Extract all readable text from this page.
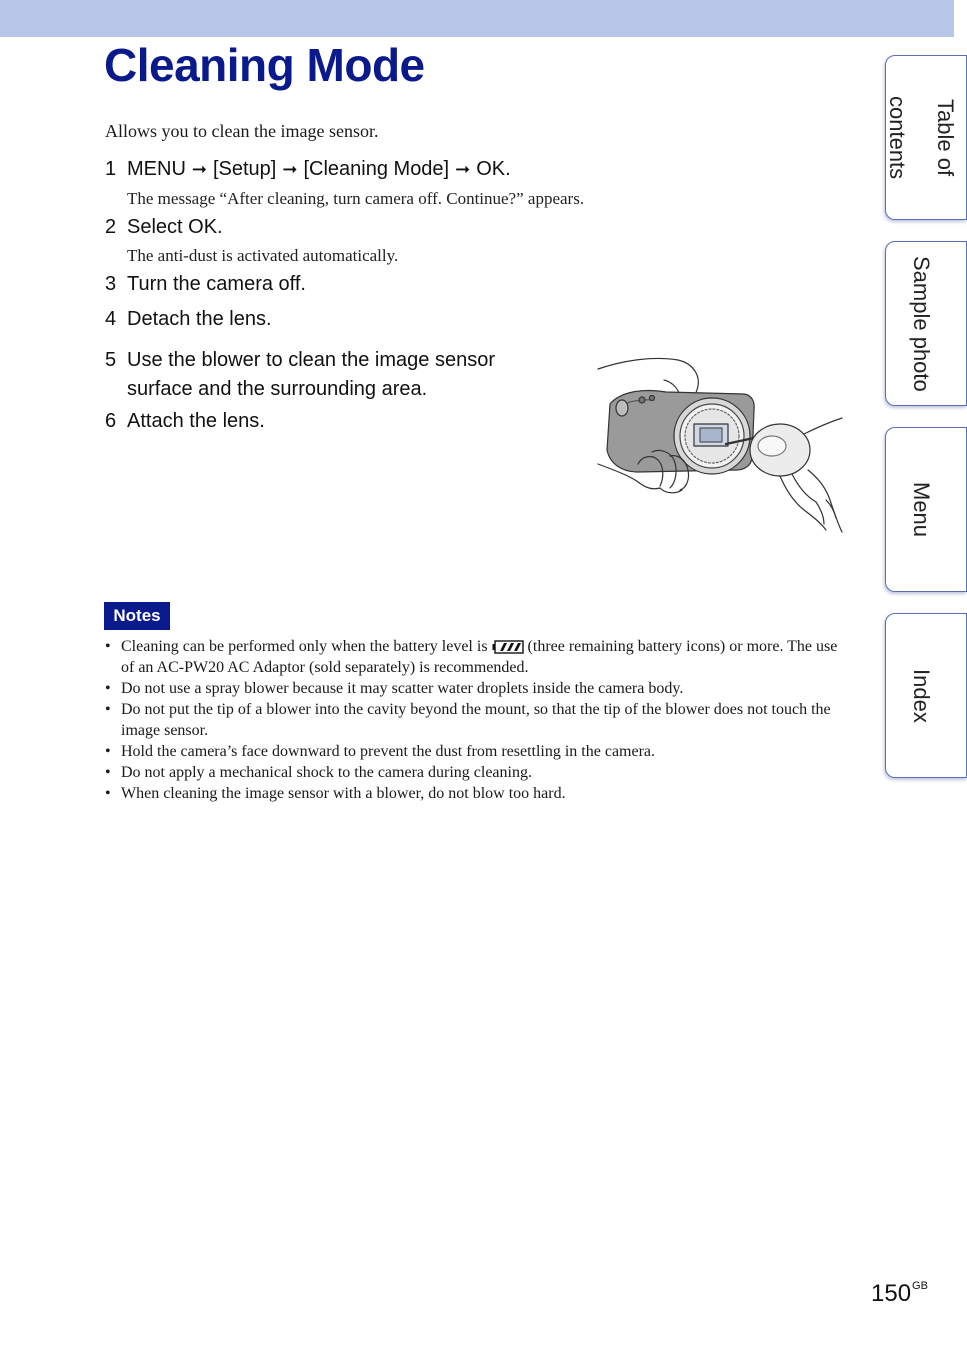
Cleaning Mode
Allows you to clean the image sensor.
1 MENU ➞ [Setup] ➞ [Cleaning Mode] ➞ OK.
The message “After cleaning, turn camera off. Continue?” appears.
2 Select OK.
The anti-dust is activated automatically.
3 Turn the camera off.
4 Detach the lens.
5 Use the blower to clean the image sensor
surface and the surrounding area.
6 Attach the lens.
Notes
• Cleaning can be performed only when the battery level is	(three remaining battery icons) or more. The use of an AC-PW20 AC Adaptor (sold separately) is recommended.
• Do not use a spray blower because it may scatter water droplets inside the camera body.
• Do not put the tip of a blower into the cavity beyond the mount, so that the tip of the blower does not touch the image sensor.
• Hold the camera’s face downward to prevent the dust from resettling in the camera.
• Do not apply a mechanical shock to the camera during cleaning.
• When cleaning the image sensor with a blower, do not blow too hard.
Table of

contents
Sample photo
Menu
Index
$150^{GB}$
